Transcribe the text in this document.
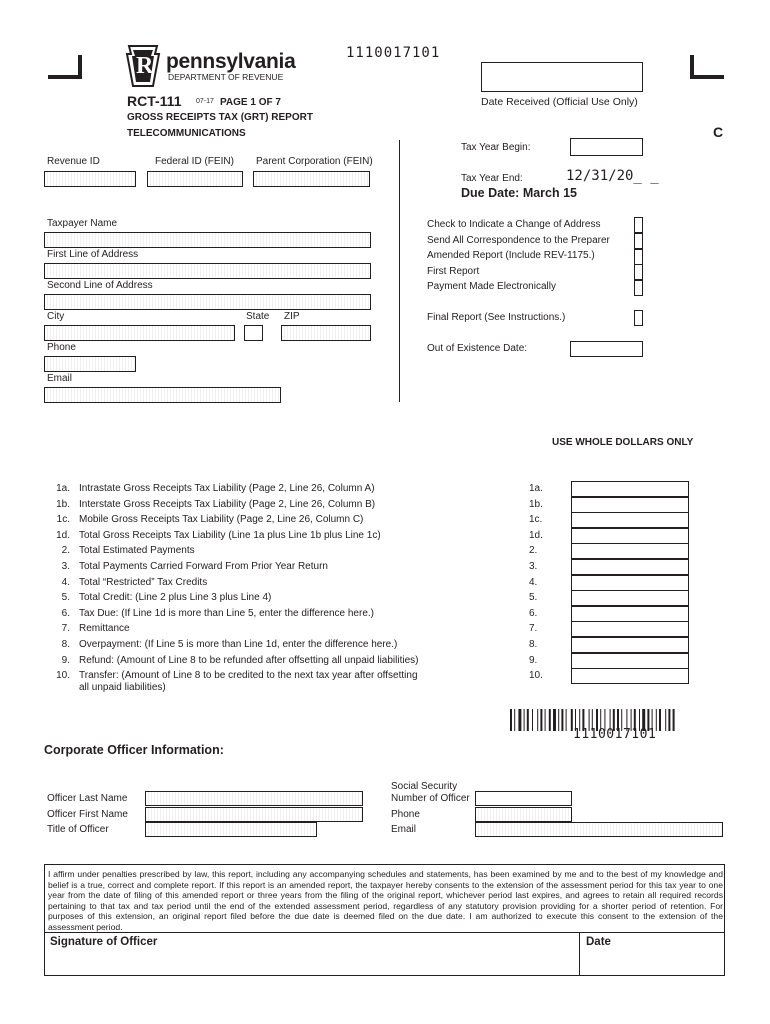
R pennsylvania
DEPARTMENT OF REVENUE
1110017101
Date Received (Official Use Only)
C
RCT-111 07-17 PAGE 1 OF 7
GROSS RECEIPTS TAX (GRT) REPORT
TELECOMMUNICATIONS
Revenue ID	Federal ID (FEIN) Parent Corporation (FEIN)
Tax Year Begin:
Tax Year End:	12/31/20_ _
Due Date: March 15
Taxpayer Name
First Line of Address
Second Line of Address
City	State ZIP
Phone
Email
Check to Indicate a Change of Address
Send All Correspondence to the Preparer
Amended Report (Include REV-1175.)
First Report
Payment Made Electronically
Final Report (See Instructions.)
Out of Existence Date:
USE WHOLE DOLLARS ONLY
1a. Intrastate Gross Receipts Tax Liability (Page 2, Line 26, Column A)	1a.
1b. Interstate Gross Receipts Tax Liability (Page 2, Line 26, Column B)	1b.
1c. Mobile Gross Receipts Tax Liability (Page 2, Line 26, Column C)	1c.
1d. Total Gross Receipts Tax Liability (Line 1a plus Line 1b plus Line 1c)	1d.
2. Total Estimated Payments	2.
3. Total Payments Carried Forward From Prior Year Return	3.
4. Total “Restricted” Tax Credits	4.
5. Total Credit: (Line 2 plus Line 3 plus Line 4)	5.
6. Tax Due: (If Line 1d is more than Line 5, enter the difference here.)	6.
7. Remittance	7.
8. Overpayment: (If Line 5 is more than Line 1d, enter the difference here.)	8.
9. Refund: (Amount of Line 8 to be refunded after offsetting all unpaid liabilities)	9.
10. Transfer: (Amount of Line 8 to be credited to the next tax year after offsetting
all unpaid liabilities)
10.
1110017101
Corporate Officer Information:
Officer Last Name
Officer First Name
Title of Officer
Social Security
Number of Officer
Phone
Email
I affirm under penalties prescribed by law, this report, including any accompanying schedules and statements, has been examined by me and to the best of my knowledge and belief is a true, correct and complete report. If this report is an amended report, the taxpayer hereby consents to the extension of the assessment period for this tax year to one year from the date of filing of this amended report or three years from the filing of the original report, whichever period last expires, and agrees to retain all required records pertaining to that tax and tax period until the end of the extended assessment period, regardless of any statutory provision providing for a shorter period of retention. For purposes of this extension, an original report filed before the due date is deemed filed on the due date. I am authorized to execute this consent to the extension of the assessment period.
Signature of Officer	Date
